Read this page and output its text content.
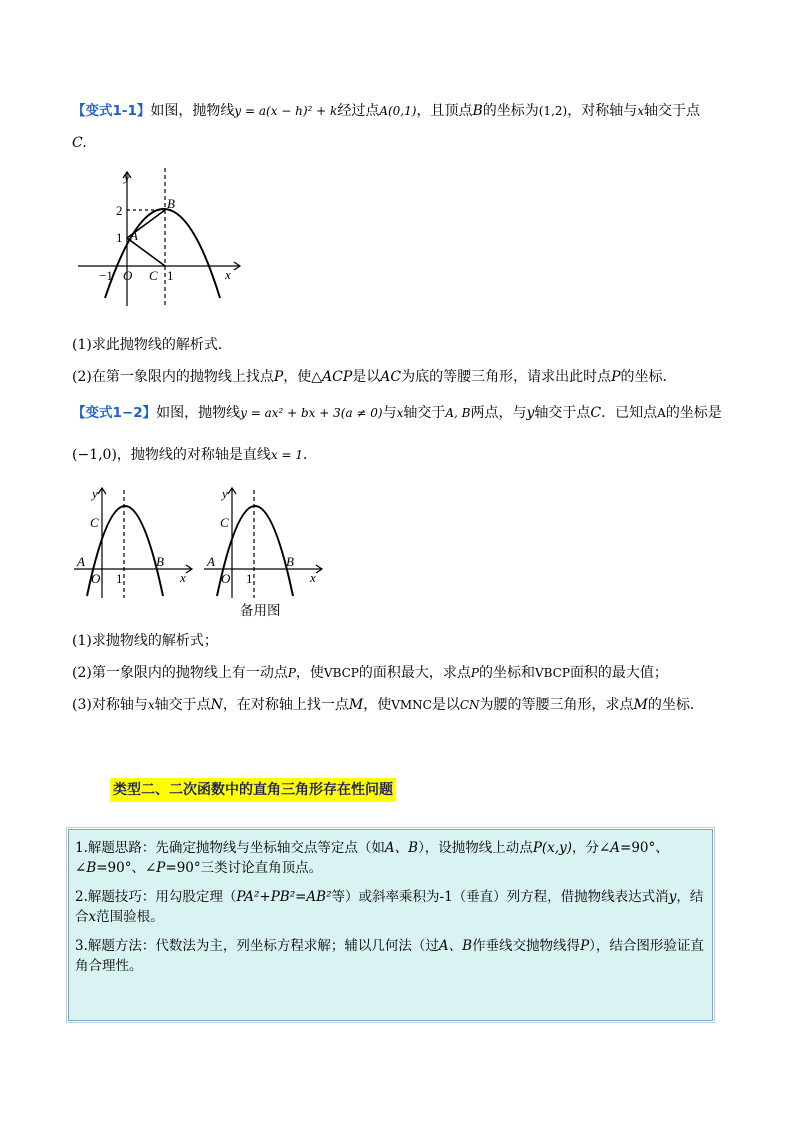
【变式1-1】如图，抛物线y = a(x − h)² + k经过点A(0,1)，且顶点B的坐标为(1,2)，对称轴与x轴交于点
C.
y
x
2
1
−1 O
A
B
C 1
(1)求此抛物线的解析式．
(2)在第一象限内的抛物线上找点P，使△ACP是以AC为底的等腰三角形，请求出此时点P的坐标．
【变式1−2】如图，抛物线y = ax² + bx + 3(a ≠ 0)与x轴交于A, B两点，与y轴交于点C．已知点A的坐标是
(−1,0)，抛物线的对称轴是直线x = 1．
y
x
C
A
O 1
B
y
x
C
A
O 1
B
备用图
(1)求抛物线的解析式；
(2)第一象限内的抛物线上有一动点P，使VBCP的面积最大，求点P的坐标和VBCP面积的最大值；
(3)对称轴与x轴交于点N，在对称轴上找一点M，使VMNC是以CN为腰的等腰三角形，求点M的坐标．
类型二、二次函数中的直角三角形存在性问题

1.解题思路：先确定抛物线与坐标轴交点等定点（如A、B），设抛物线上动点P(x,y)，分∠A=90°、∠B=90°、∠P=90°三类讨论直角顶点。

2.解题技巧：用勾股定理（PA²+PB²=AB²等）或斜率乘积为-1（垂直）列方程，借抛物线表达式消y，结合x范围验根。

3.解题方法：代数法为主，列坐标方程求解；辅以几何法（过A、B作垂线交抛物线得P），结合图形验证直角合理性。
